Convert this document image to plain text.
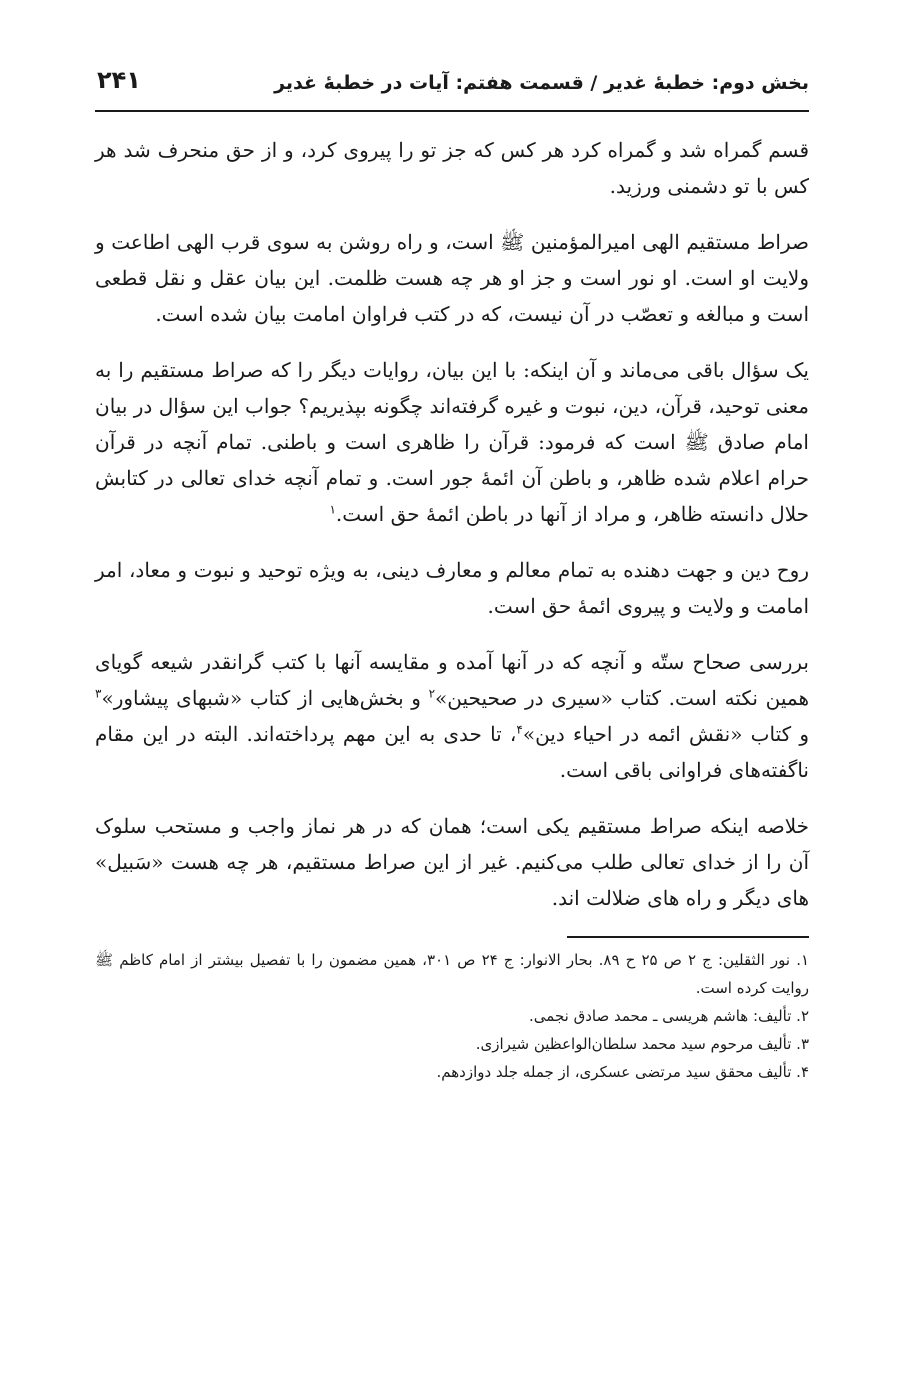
بخش دوم: خطبهٔ غدیر / قسمت هفتم: آیات در خطبهٔ غدیر
۲۴۱

قسم گمراه شد و گمراه کرد هر کس که جز تو را پیروی کرد، و از حق منحرف شد هر کس با تو دشمنی ورزید.

صراط مستقیم الهی امیرالمؤمنین ﷺ است، و راه روشن به سوی قرب الهی اطاعت و ولایت او است. او نور است و جز او هر چه هست ظلمت. این بیان عقل و نقل قطعی است و مبالغه و تعصّب در آن نیست، که در کتب فراوان امامت بیان شده است.

یک سؤال باقی می‌ماند و آن اینکه: با این بیان، روایات دیگر را که صراط مستقیم را به معنی توحید، قرآن، دین، نبوت و غیره گرفته‌اند چگونه بپذیریم؟ جواب این سؤال در بیان امام صادق ﷺ است که فرمود: قرآن را ظاهری است و باطنی. تمام آنچه در قرآن حرام اعلام شده ظاهر، و باطن آن ائمهٔ جور است. و تمام آنچه خدای تعالی در کتابش حلال دانسته ظاهر، و مراد از آنها در باطن ائمهٔ حق است.$^۱$

روح دین و جهت دهنده به تمام معالم و معارف دینی، به ویژه توحید و نبوت و معاد، امر امامت و ولایت و پیروی ائمهٔ حق است.

بررسی صحاح ستّه و آنچه که در آنها آمده و مقایسه آنها با کتب گرانقدر شیعه گویای همین نکته است. کتاب «سیری در صحیحین»$^۲$ و بخش‌هایی از کتاب «شبهای پیشاور»$^۳$ و کتاب «نقش ائمه در احیاء دین»$^۴$، تا حدی به این مهم پرداخته‌اند. البته در این مقام ناگفته‌های فراوانی باقی است.

خلاصه اینکه صراط مستقیم یکی است؛ همان که در هر نماز واجب و مستحب سلوک آن را از خدای تعالی طلب می‌کنیم. غیر از این صراط مستقیم، هر چه هست «سَبیل» های دیگر و راه های ضلالت اند.

۱. نور الثقلین: ج ۲ ص ۲۵ ح ۸۹. بحار الانوار: ج ۲۴ ص ۳۰۱، همین مضمون را با تفصیل بیشتر از امام کاظم ﷺ روایت کرده است.

۲. تألیف: هاشم هریسی ـ محمد صادق نجمی.

۳. تألیف مرحوم سید محمد سلطان‌الواعظین شیرازی.

۴. تألیف محقق سید مرتضی عسکری، از جمله جلد دوازدهم.
